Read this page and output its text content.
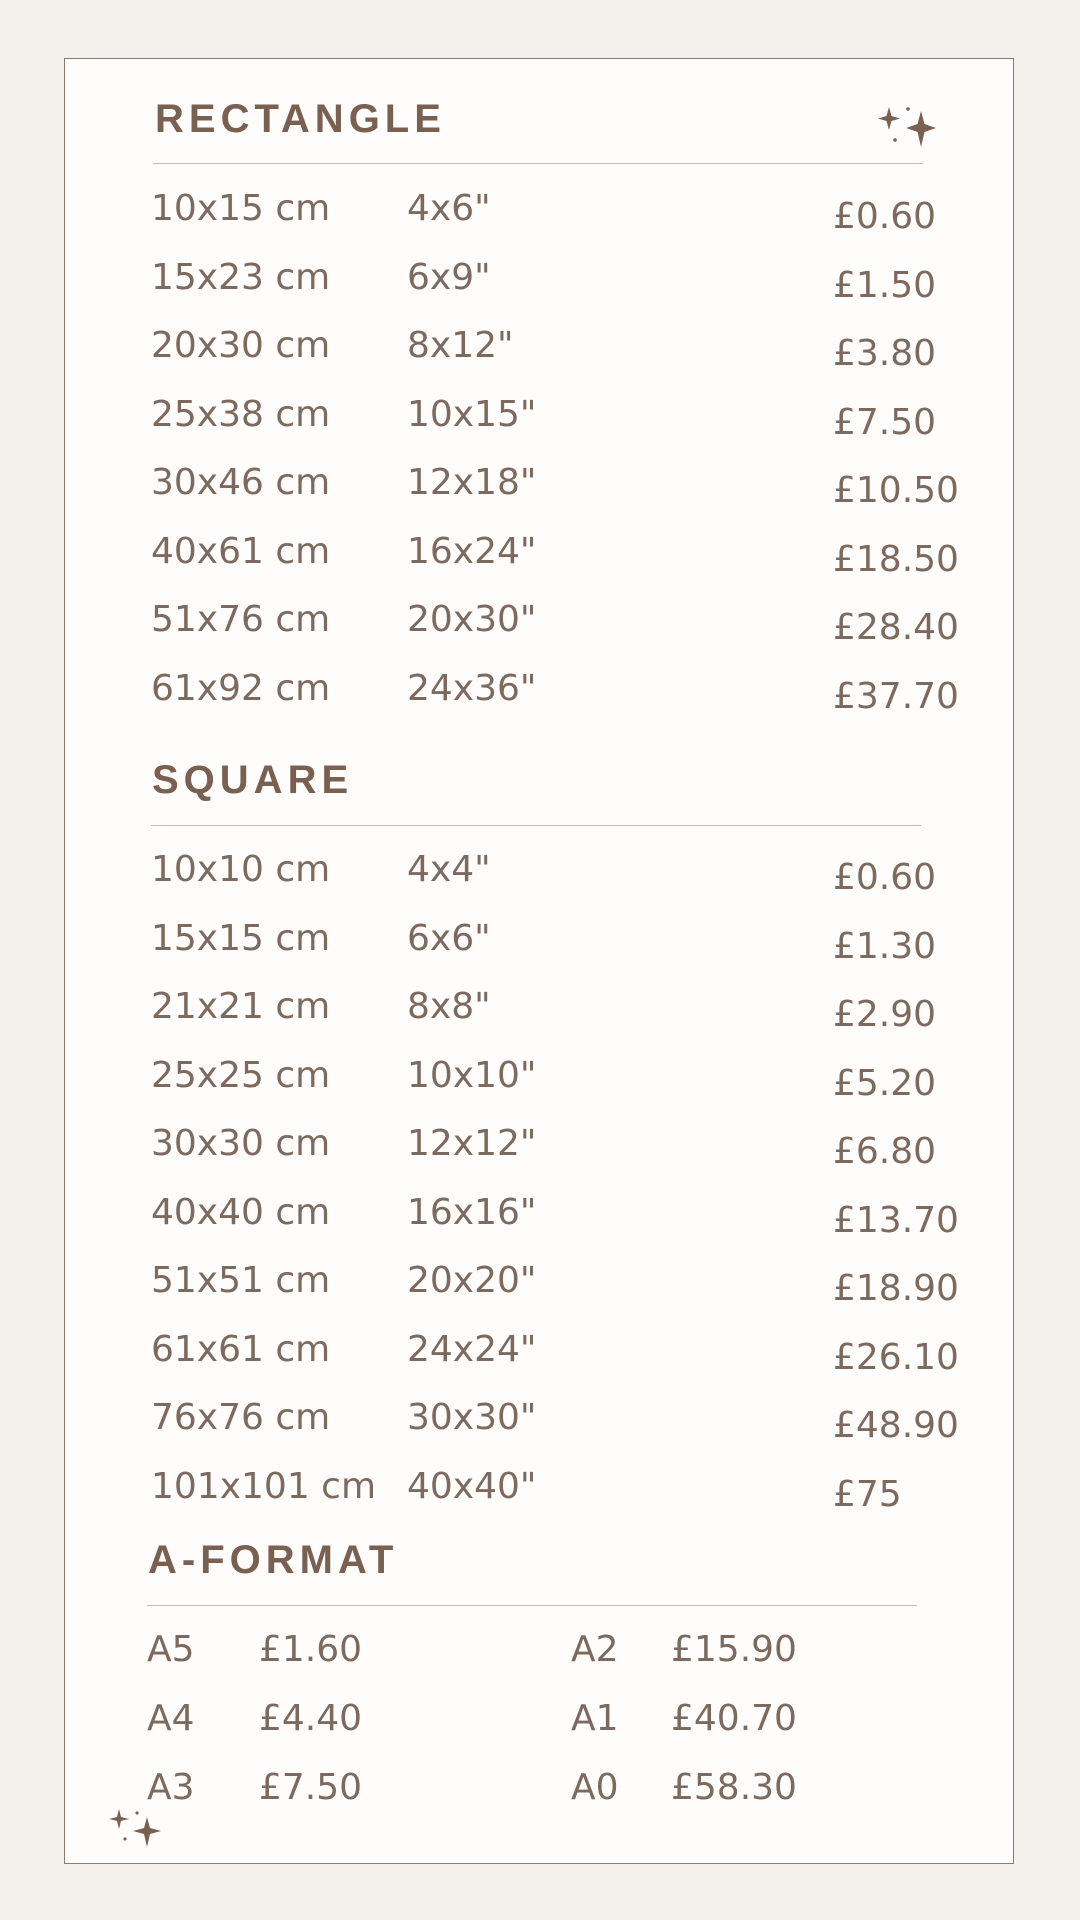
RECTANGLE
10x15 cm 4x6"	£0.60
15x23 cm 6x9"	£1.50
20x30 cm 8x12"	£3.80
25x38 cm 10x15"	£7.50
30x46 cm 12x18"	£10.50
40x61 cm 16x24"	£18.50
51x76 cm 20x30"	£28.40
61x92 cm 24x36"	£37.70
SQUARE
10x10 cm 4x4"	£0.60
15x15 cm 6x6"	£1.30
21x21 cm 8x8"	£2.90
25x25 cm 10x10"	£5.20
30x30 cm 12x12"	£6.80
40x40 cm 16x16"	£13.70
51x51 cm 20x20"	£18.90
61x61 cm 24x24"	£26.10
76x76 cm 30x30"	£48.90
101x101 cm 40x40"	£75
A-FORMAT
A5 £1.60	A2 £15.90
A4 £4.40	A1 £40.70
A3 £7.50	A0 £58.30
